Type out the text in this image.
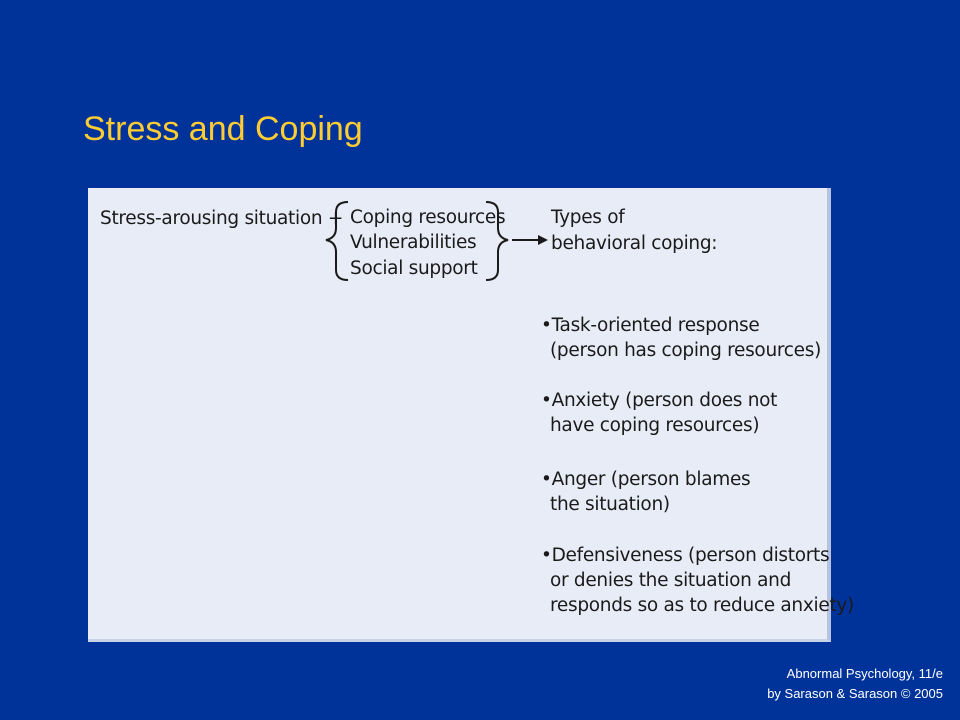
Stress and Coping
Stress-arousing situation + Coping resources
Vulnerabilities
Social support
Types of
behavioral coping:
•Task-oriented response
(person has coping resources)
•Anxiety (person does not
have coping resources)
•Anger (person blames
the situation)
•Defensiveness (person distorts
or denies the situation and
responds so as to reduce anxiety)
Abnormal Psychology, 11/e
by Sarason & Sarason © 2005
